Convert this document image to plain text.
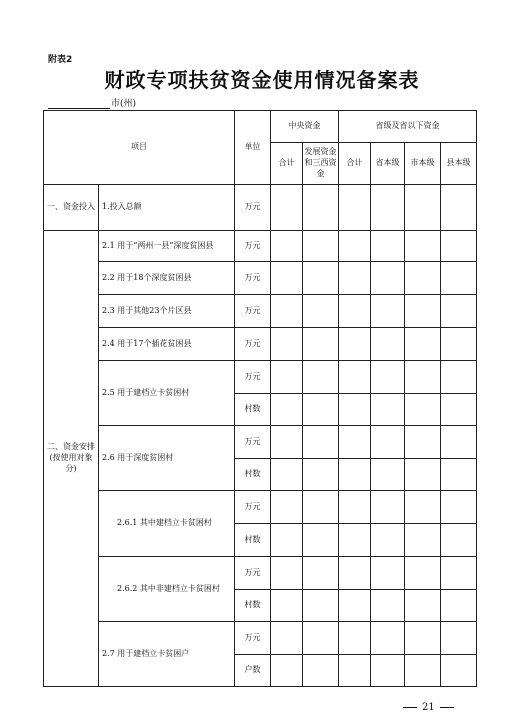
附表2
财政专项扶贫资金使用情况备案表
市(州)
项目		单位	中央资金		省级及省以下资金			
			合计	发展资金和三西资金	合计	省本级	市本级	县本级
一、资金投入	1.投入总额	万元						
二、资金安排(按使用对象分)	2.1 用于“两州一县”深度贫困县	万元						
	2.2 用于18个深度贫困县	万元						
	2.3 用于其他23个片区县	万元						
	2.4 用于17个插花贫困县	万元						
	2.5 用于建档立卡贫困村	万元						
		村数						
	2.6 用于深度贫困村	万元						
		村数						
	2.6.1 其中建档立卡贫困村	万元						
		村数						
	2.6.2 其中非建档立卡贫困村	万元						
		村数						
	2.7 用于建档立卡贫困户	万元						
		户数						
21
